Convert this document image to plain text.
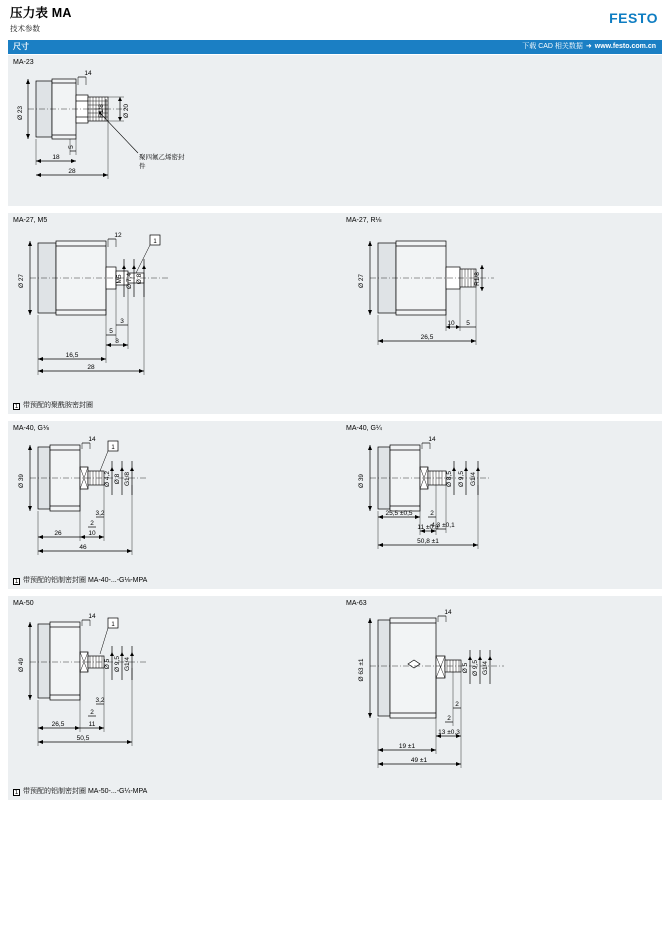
压力表 MA
技术参数
FESTO
尺寸	下载 CAD 相关数据 ➜ www.festo.com.cn
MA-23
Ø 23	Ø 20
R1/8
14
5
18
28
聚四氟乙烯密封
件
MA-27, M5	MA-27, R⅛
Ø 27	M5 Ø 7,4 Ø 8
12
1
3
5
8
16,5
28
Ø 27	R1/8
10 5
26,5
1 带预配的聚酰胺密封圈
MA-40, G⅛	MA-40, G¼
Ø 39	Ø 4,2 Ø 8 G1/8
14
1
3,2
2
10
26
46
Ø 39	Ø 8,5 Ø 9,5 G1/4
14
2
4,3 ±0,1
25,5 ±0,5
11 ±0,3
50,8 ±1
1 带预配的铝制密封圈 MA-40-...-G⅛-MPA
MA-50	MA-63
Ø 49	Ø 5 Ø 9,5 G1/4
14
1
3,2
2
26,5	11
50,5
Ø 63 ±1	Ø 5 Ø 9,5 G1/4
14
2
2
13 ±0,3
19 ±1
49 ±1
1 带预配的铝制密封圈 MA-50-...-G¼-MPA
